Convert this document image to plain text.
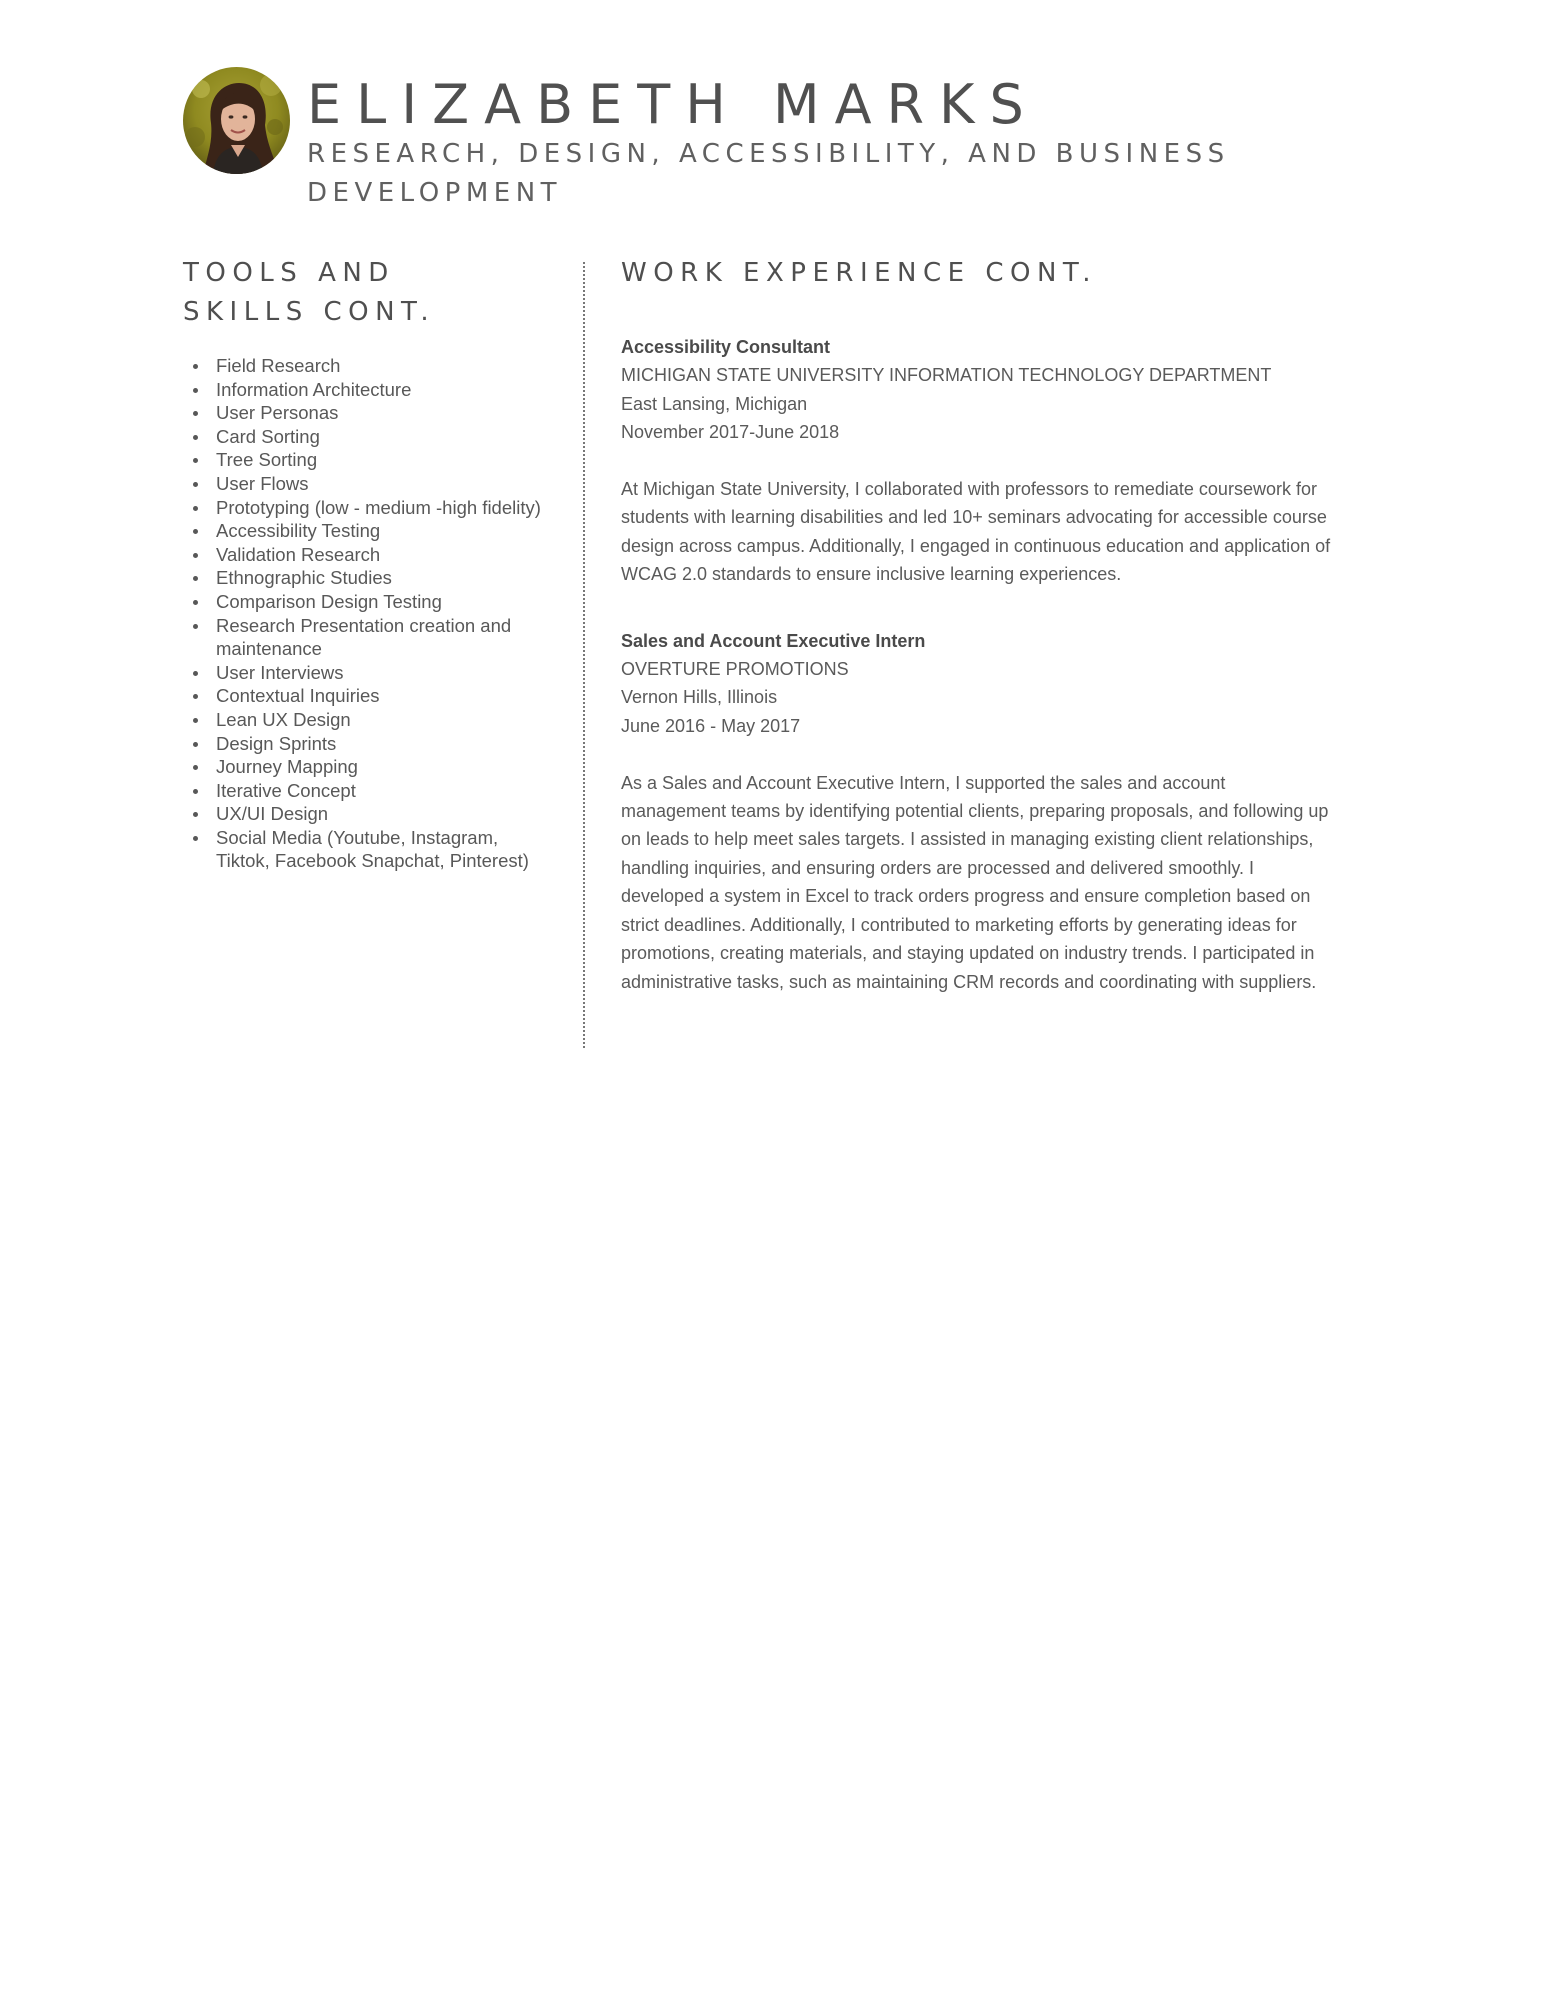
ELIZABETH MARKS
RESEARCH, DESIGN, ACCESSIBILITY, AND BUSINESS DEVELOPMENT
TOOLS AND SKILLS CONT.
Field Research
Information Architecture
User Personas
Card Sorting
Tree Sorting
User Flows
Prototyping (low - medium -high fidelity)
Accessibility Testing
Validation Research
Ethnographic Studies
Comparison Design Testing
Research Presentation creation and maintenance
User Interviews
Contextual Inquiries
Lean UX Design
Design Sprints
Journey Mapping
Iterative Concept
UX/UI Design
Social Media (Youtube, Instagram, Tiktok, Facebook Snapchat, Pinterest)
WORK EXPERIENCE CONT.

Accessibility Consultant

MICHIGAN STATE UNIVERSITY INFORMATION TECHNOLOGY DEPARTMENT

East Lansing, Michigan

November 2017-June 2018

At Michigan State University, I collaborated with professors to remediate coursework for students with learning disabilities and led 10+ seminars advocating for accessible course design across campus. Additionally, I engaged in continuous education and application of WCAG 2.0 standards to ensure inclusive learning experiences.

Sales and Account Executive Intern

OVERTURE PROMOTIONS

Vernon Hills, Illinois

June 2016 - May 2017

As a Sales and Account Executive Intern, I supported the sales and account management teams by identifying potential clients, preparing proposals, and following up on leads to help meet sales targets. I assisted in managing existing client relationships, handling inquiries, and ensuring orders are processed and delivered smoothly. I developed a system in Excel to track orders progress and ensure completion based on strict deadlines. Additionally, I contributed to marketing efforts by generating ideas for promotions, creating materials, and staying updated on industry trends. I participated in administrative tasks, such as maintaining CRM records and coordinating with suppliers.
